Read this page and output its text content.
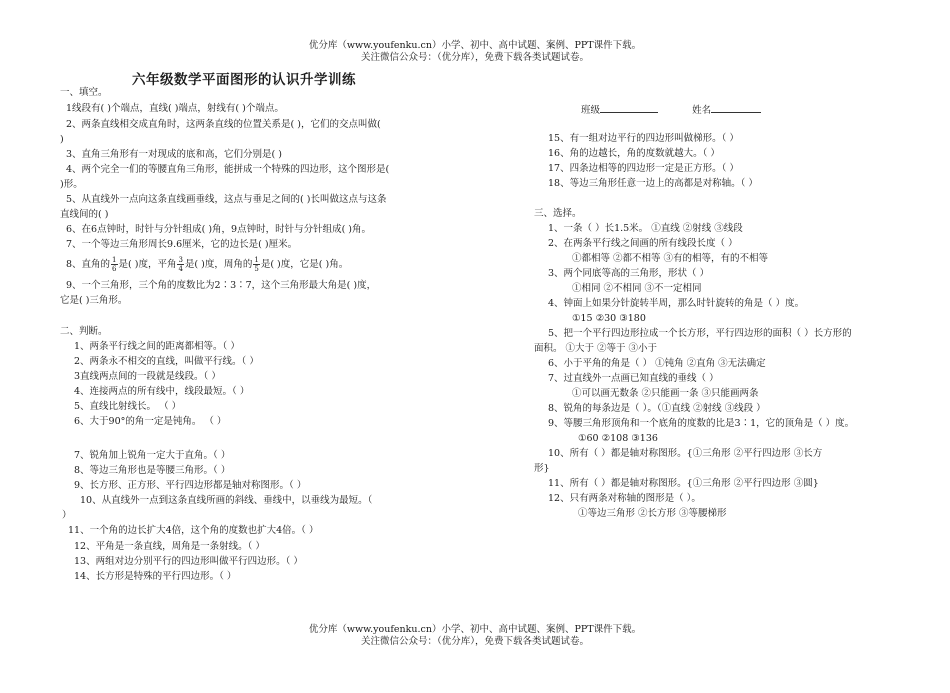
优分库（www.youfenku.cn）小学、初中、高中试题、案例、PPT课件下载。
关注微信公众号：（优分库），免费下载各类试题试卷。
六年级数学平面图形的认识升学训练
一、填空。
1线段有( )个端点，直线( )端点，射线有( )个端点。
2、两条直线相交成直角时，这两条直线的位置关系是( )，它们的交点叫做(
)
3、直角三角形有一对现成的底和高，它们分别是( )
4、两个完全一们的等腰直角三角形，能拼成一个特殊的四边形，这个图形是(
)形。
5、从直线外一点向这条直线画垂线，这点与垂足之间的( )长叫做这点与这条
直线间的( )
6、在6点钟时，时针与分针组成( )角，9点钟时，时针与分针组成( )角。
7、一个等边三角形周长9.6厘米，它的边长是( )厘米。
8、直角的 $\frac{1}{6}$ 是( )度，平角 $\frac{3}{4}$ 是( )度，周角的 $\frac{1}{5}$ 是( )度，它是( )角。
9、一个三角形，三个角的度数比为2∶3∶7，这个三角形最大角是( )度，
它是( )三角形。
二、判断。
1、两条平行线之间的距离都相等。（ ）
2、两条永不相交的直线，叫做平行线。（ ）
3直线两点间的一段就是线段。（ ）
4、连接两点的所有线中，线段最短。（ ）
5、直线比射线长。 （ ）
6、大于90°的角一定是钝角。 （ ）
7、锐角加上锐角一定大于直角。（ ）
8、等边三角形也是等腰三角形。（ ）
9、长方形、正方形、平行四边形都是轴对称图形。（ ）
10、从直线外一点到这条直线所画的斜线、垂线中，以垂线为最短。（
）
11、一个角的边长扩大4倍，这个角的度数也扩大4倍。（ ）
12、平角是一条直线，周角是一条射线。（ ）
13、两组对边分别平行的四边形叫做平行四边形。（ ）
14、长方形是特殊的平行四边形。（ ）
班级	姓名
15、有一组对边平行的四边形叫做梯形。（ ）
16、角的边越长，角的度数就越大。（ ）
17、四条边相等的四边形一定是正方形。（ ）
18、等边三角形任意一边上的高都是对称轴。（ ）
三、选择。
1、一条（ ）长1.5米。 ①直线 ②射线 ③线段
2、在两条平行线之间画的所有线段长度（ ）
①都相等 ②都不相等 ③有的相等，有的不相等
3、两个同底等高的三角形，形状（ ）
①相同 ②不相同 ③不一定相同
4、钟面上如果分针旋转半周，那么时针旋转的角是（ ）度。
①15 ②30 ③180
5、把一个平行四边形拉成一个长方形，平行四边形的面积（ ）长方形的
面积。 ①大于 ②等于 ③小于
6、小于平角的角是（ ） ①钝角 ②直角 ③无法确定
7、过直线外一点画已知直线的垂线（ ）
①可以画无数条 ②只能画一条 ③只能画两条
8、锐角的每条边是（ ）。（①直线 ②射线 ③线段 ）
9、等腰三角形顶角和一个底角的度数的比是3∶1，它的顶角是（ ）度。
①60 ②108 ③136
10、所有（ ）都是轴对称图形。{①三角形 ②平行四边形 ③长方
形}
11、所有（ ）都是轴对称图形。{①三角形 ②平行四边形 ③圆}
12、只有两条对称轴的图形是（ ）。
①等边三角形 ②长方形 ③等腰梯形
优分库（www.youfenku.cn）小学、初中、高中试题、案例、PPT课件下载。
关注微信公众号：（优分库），免费下载各类试题试卷。
